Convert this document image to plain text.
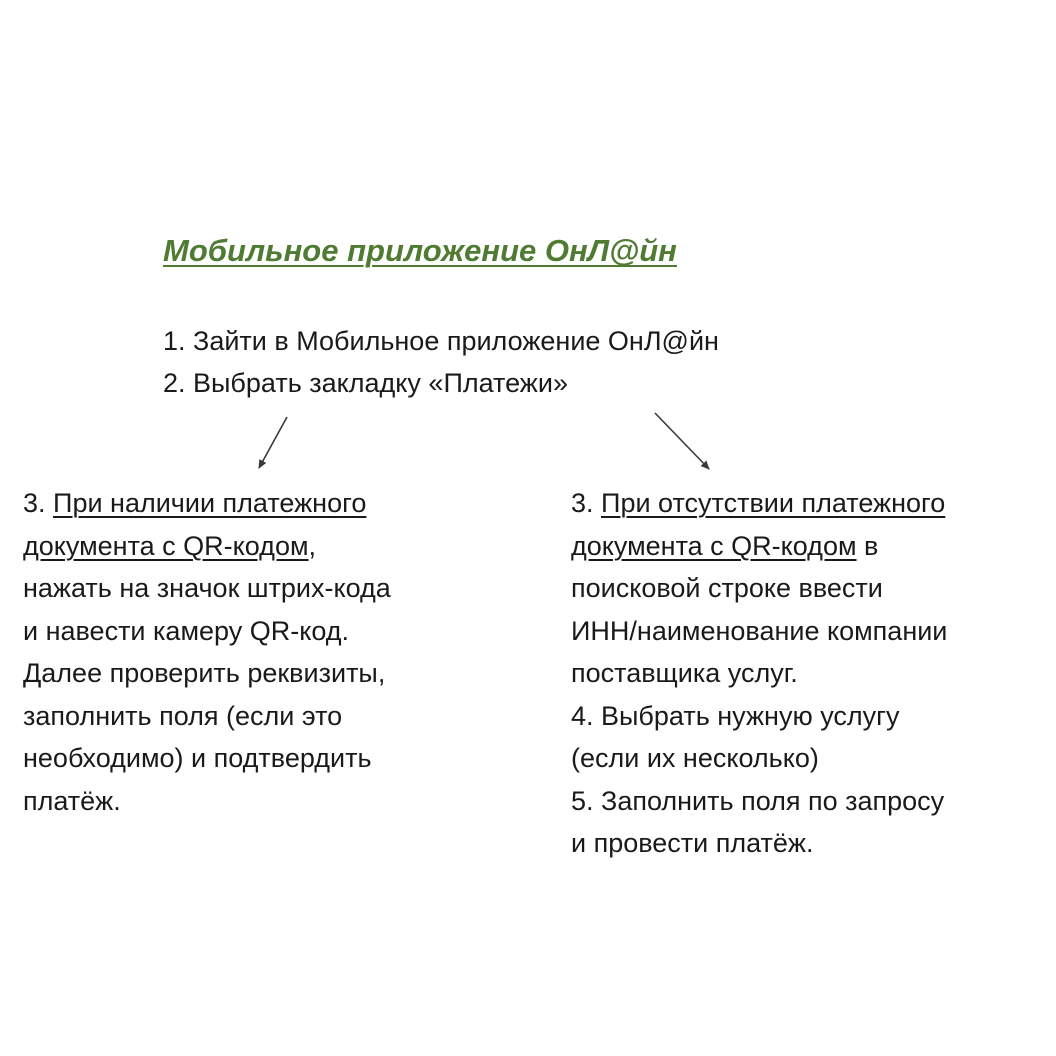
Мобильное приложение ОнЛ@йн
1. Зайти в Мобильное приложение ОнЛ@йн
2. Выбрать закладку «Платежи»
3. При наличии платежного
документа с QR-кодом,
нажать на значок штрих-кода
и навести камеру QR-код.
Далее проверить реквизиты,
заполнить поля (если это
необходимо) и подтвердить
платёж.
3. При отсутствии платежного
документа с QR-кодом в
поисковой строке ввести
ИНН/наименование компании
поставщика услуг.
4. Выбрать нужную услугу
(если их несколько)
5. Заполнить поля по запросу
и провести платёж.
